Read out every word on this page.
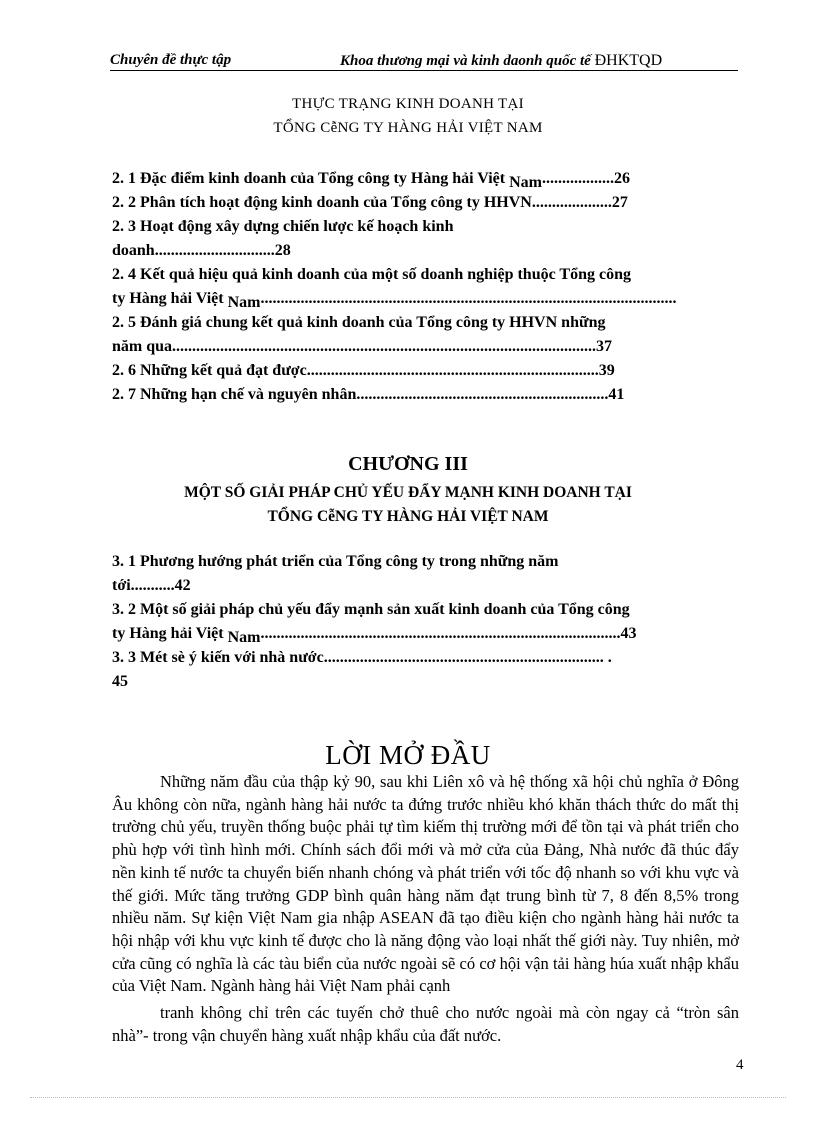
Chuyên đề thực tập	Khoa thương mại và kinh daonh quốc tế ĐHKTQD
THỰC TRẠNG KINH DOANH TẠI
TỔNG CễNG TY HÀNG HẢI VIỆT NAM
2. 1 Đặc điểm kinh doanh của Tổng công ty Hàng hải Việt Nam..................26
2. 2 Phân tích hoạt động kinh doanh của Tổng công ty HHVN....................27
2. 3 Hoạt động xây dựng chiến lược kế hoạch kinh
doanh..............................28
2. 4 Kết quả hiệu quả kinh doanh của một số doanh nghiệp thuộc Tổng công
ty Hàng hải Việt Nam........................................................................................................
2. 5 Đánh giá chung kết quả kinh doanh của Tổng công ty HHVN những
năm qua..........................................................................................................37
2. 6 Những kết quả đạt được.........................................................................39
2. 7 Những hạn chế và nguyên nhân...............................................................41
CHƯƠNG III
MỘT SỐ GIẢI PHÁP CHỦ YẾU ĐẨY MẠNH KINH DOANH TẠI
TỔNG CễNG TY HÀNG HẢI VIỆT NAM
3. 1 Phương hướng phát triển của Tổng công ty trong những năm
tới...........42
3. 2 Một số giải pháp chủ yếu đẩy mạnh sản xuất kinh doanh của Tổng công
ty Hàng hải Việt Nam..........................................................................................43
3. 3 Mét sè ý kiến với nhà nước...................................................................... .
45
LỜI MỞ ĐẦU

Những năm đầu của thập kỷ 90, sau khi Liên xô và hệ thống xã hội chủ nghĩa ở Đông Âu không còn nữa, ngành hàng hải nước ta đứng trước nhiều khó khăn thách thức do mất thị trường chủ yếu, truyền thống buộc phải tự tìm kiếm thị trường mới để tồn tại và phát triển cho phù hợp với tình hình mới. Chính sách đổi mới và mở cửa của Đảng, Nhà nước đã thúc đẩy nền kinh tế nước ta chuyển biến nhanh chóng và phát triển với tốc độ nhanh so với khu vực và thế giới. Mức tăng trưởng GDP bình quân hàng năm đạt trung bình từ 7, 8 đến 8,5% trong nhiều năm. Sự kiện Việt Nam gia nhập ASEAN đã tạo điều kiện cho ngành hàng hải nước ta hội nhập với khu vực kinh tế được cho là năng động vào loại nhất thế giới này. Tuy nhiên, mở cửa cũng có nghĩa là các tàu biển của nước ngoài sẽ có cơ hội vận tải hàng húa xuất nhập khẩu của Việt Nam. Ngành hàng hải Việt Nam phải cạnh

tranh không chỉ trên các tuyến chở thuê cho nước ngoài mà còn ngay cả “tròn sân nhà”- trong vận chuyển hàng xuất nhập khẩu của đất nước.

4
